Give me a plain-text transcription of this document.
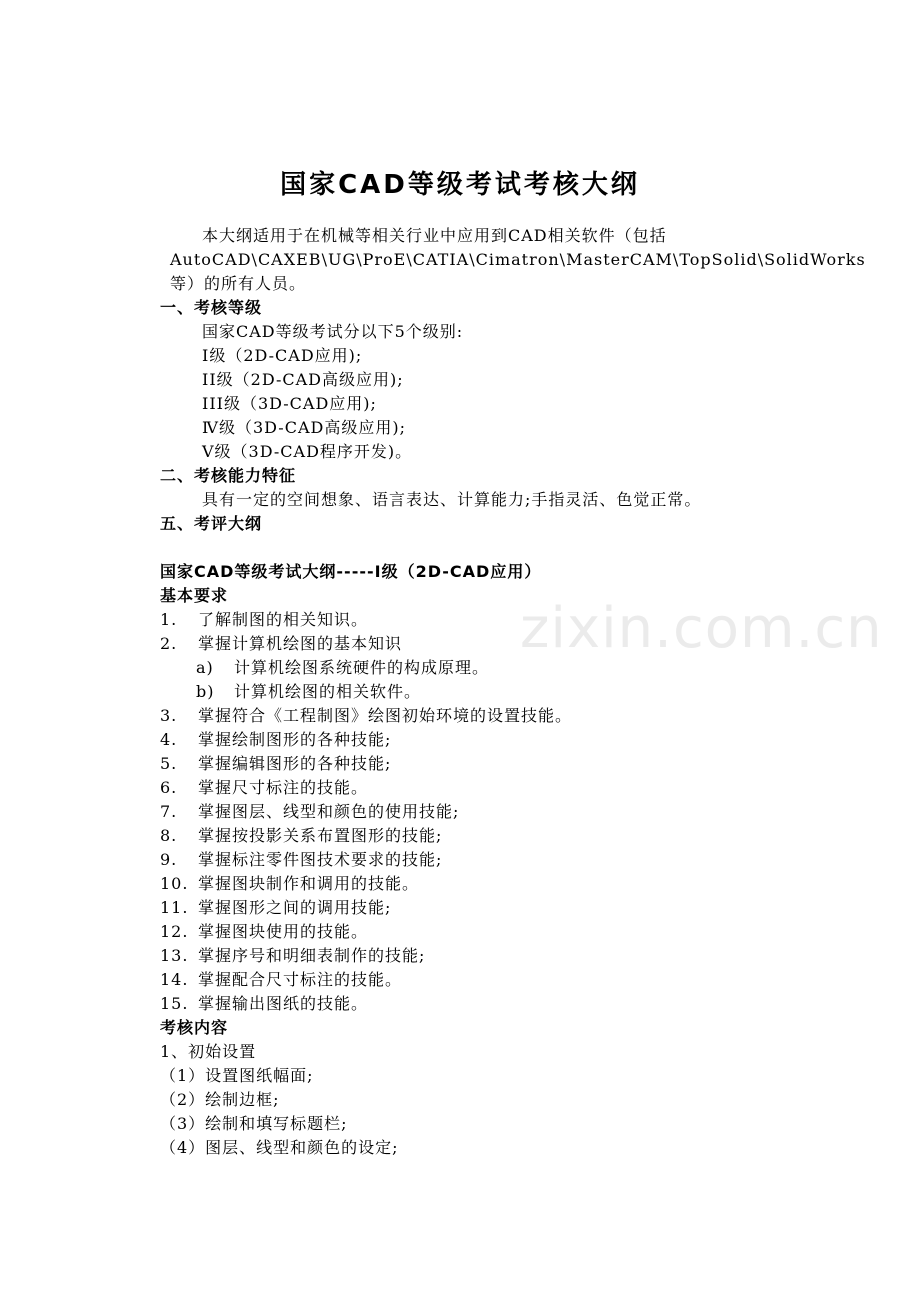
zixin.com.cn
国家CAD等级考试考核大纲
本大纲适用于在机械等相关行业中应用到CAD相关软件（包括AutoCAD\CAXEB\UG\ProE\CATIA\Cimatron\MasterCAM\TopSolid\SolidWorks等）的所有人员。
一、考核等级
国家CAD等级考试分以下5个级别:
Ⅰ级（2D-CAD应用);
ⅠⅠ级（2D-CAD高级应用);
ⅠⅠⅠ级（3D-CAD应用);
Ⅳ级（3D-CAD高级应用);
Ⅴ级（3D-CAD程序开发)。
二、考核能力特征
具有一定的空间想象、语言表达、计算能力;手指灵活、色觉正常。
五、考评大纲
国家CAD等级考试大纲-----Ⅰ级（2D-CAD应用）
基本要求
1. 了解制图的相关知识。
2. 掌握计算机绘图的基本知识
a) 计算机绘图系统硬件的构成原理。
b) 计算机绘图的相关软件。
3. 掌握符合《工程制图》绘图初始环境的设置技能。
4. 掌握绘制图形的各种技能;
5. 掌握编辑图形的各种技能;
6. 掌握尺寸标注的技能。
7. 掌握图层、线型和颜色的使用技能;
8. 掌握按投影关系布置图形的技能;
9. 掌握标注零件图技术要求的技能;
10. 掌握图块制作和调用的技能。
11. 掌握图形之间的调用技能;
12. 掌握图块使用的技能。
13. 掌握序号和明细表制作的技能;
14. 掌握配合尺寸标注的技能。
15. 掌握输出图纸的技能。
考核内容
1、初始设置
（1）设置图纸幅面;
（2）绘制边框;
（3）绘制和填写标题栏;
（4）图层、线型和颜色的设定;
